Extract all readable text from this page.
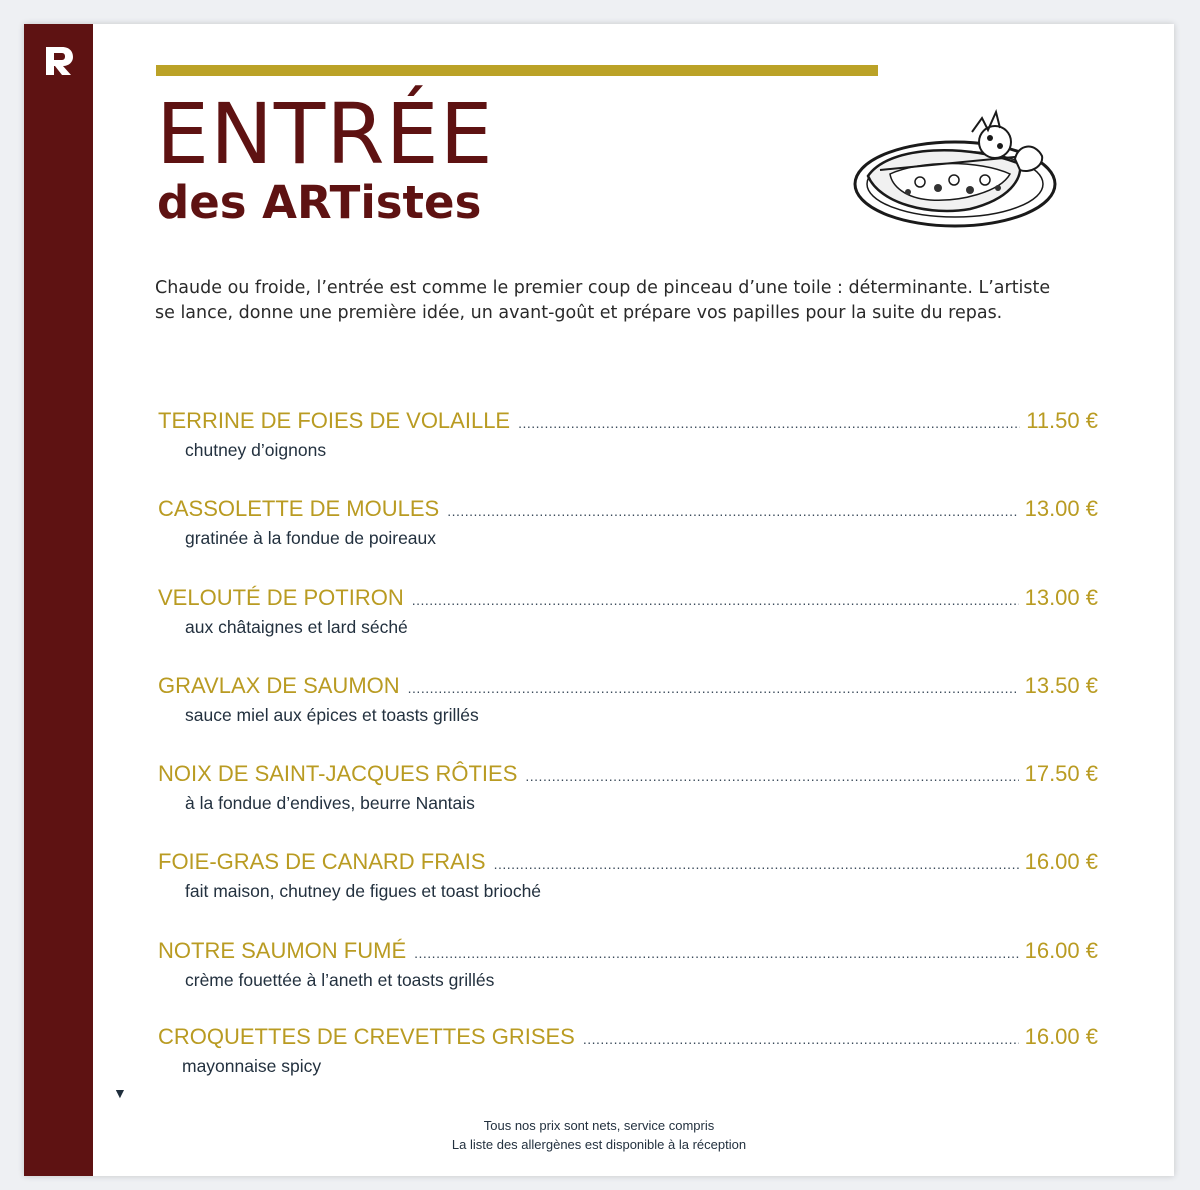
ENTRÉE
des ARTistes

Chaude ou froide, l’entrée est comme le premier coup de pinceau d’une toile : déterminante. L’artiste se lance, donne une première idée, un avant-goût et prépare vos papilles pour la suite du repas.

TERRINE DE FOIES DE VOLAILLE .....	11.50 €
chutney d’oignons
CASSOLETTE DE MOULES .....	13.00 €
gratinée à la fondue de poireaux
VELOUTÉ DE POTIRON .....	13.00 €
aux châtaignes et lard séché
GRAVLAX DE SAUMON .....	13.50 €
sauce miel aux épices et toasts grillés
NOIX DE SAINT-JACQUES RÔTIES .....	17.50 €
à la fondue d’endives, beurre Nantais
FOIE-GRAS DE CANARD FRAIS .....	16.00 €
fait maison, chutney de figues et toast brioché
NOTRE SAUMON FUMÉ .....	16.00 €
crème fouettée à l’aneth et toasts grillés
CROQUETTES DE CREVETTES GRISES .....	16.00 €
mayonnaise spicy
▼
Tous nos prix sont nets, service compris
La liste des allergènes est disponible à la réception
